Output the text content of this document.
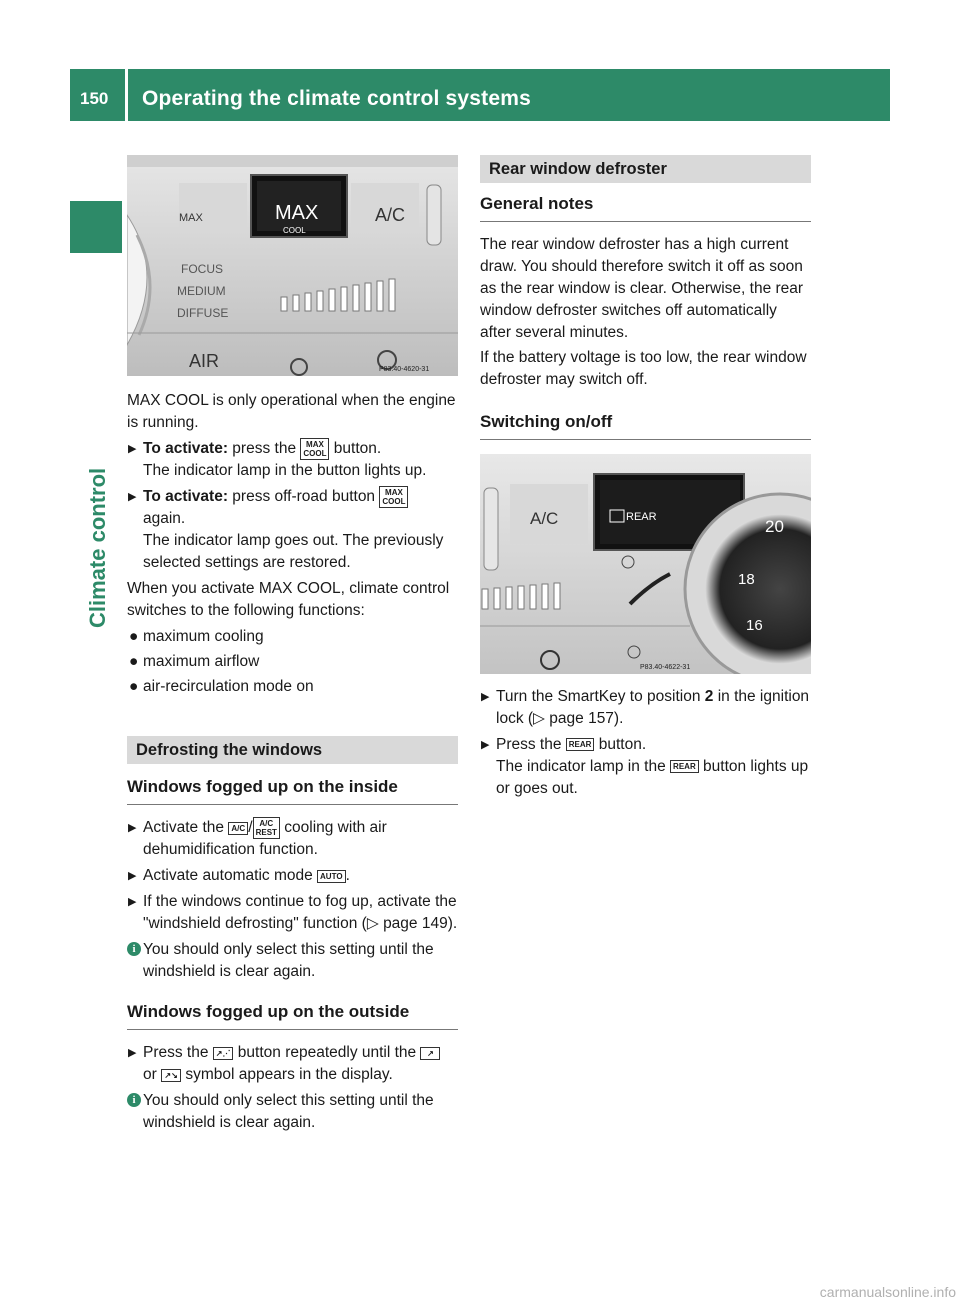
150 Operating the climate control systems
Climate control
MAX	MAX
COOL
A/C
FOCUS
MEDIUM
DIFFUSE
AIR	P83.40-4620-31

MAX COOL is only operational when the engine is running.

▶ To activate: press the MAX
COOL button.
The indicator lamp in the button lights up.
▶ To activate: press off-road button MAX
COOL
again.
The indicator lamp goes out. The previously selected settings are restored.

When you activate MAX COOL, climate control switches to the following functions:

● maximum cooling
● maximum airflow
● air-recirculation mode on
Defrosting the windows
Windows fogged up on the inside
▶ Activate the A/C / A/C
REST cooling with air dehumidification function.
▶ Activate automatic mode AUTO .
▶ If the windows continue to fog up, activate the "windshield defrosting" function (▷ page 149).
i You should only select this setting until the windshield is clear again.
Windows fogged up on the outside
▶ Press the ↗⋰ button repeatedly until the ↗ or ↗↘ symbol appears in the display.
i You should only select this setting until the windshield is clear again.
Rear window defroster
General notes

The rear window defroster has a high current draw. You should therefore switch it off as soon as the rear window is clear. Otherwise, the rear window defroster switches off automatically after several minutes.

If the battery voltage is too low, the rear window defroster may switch off.

Switching on/off
A/C	REAR	20
18
16
P83.40-4622-31
▶ Turn the SmartKey to position 2 in the ignition lock (▷ page 157).
▶ Press the REAR button.
The indicator lamp in the REAR button lights up or goes out.
carmanualsonline.info
